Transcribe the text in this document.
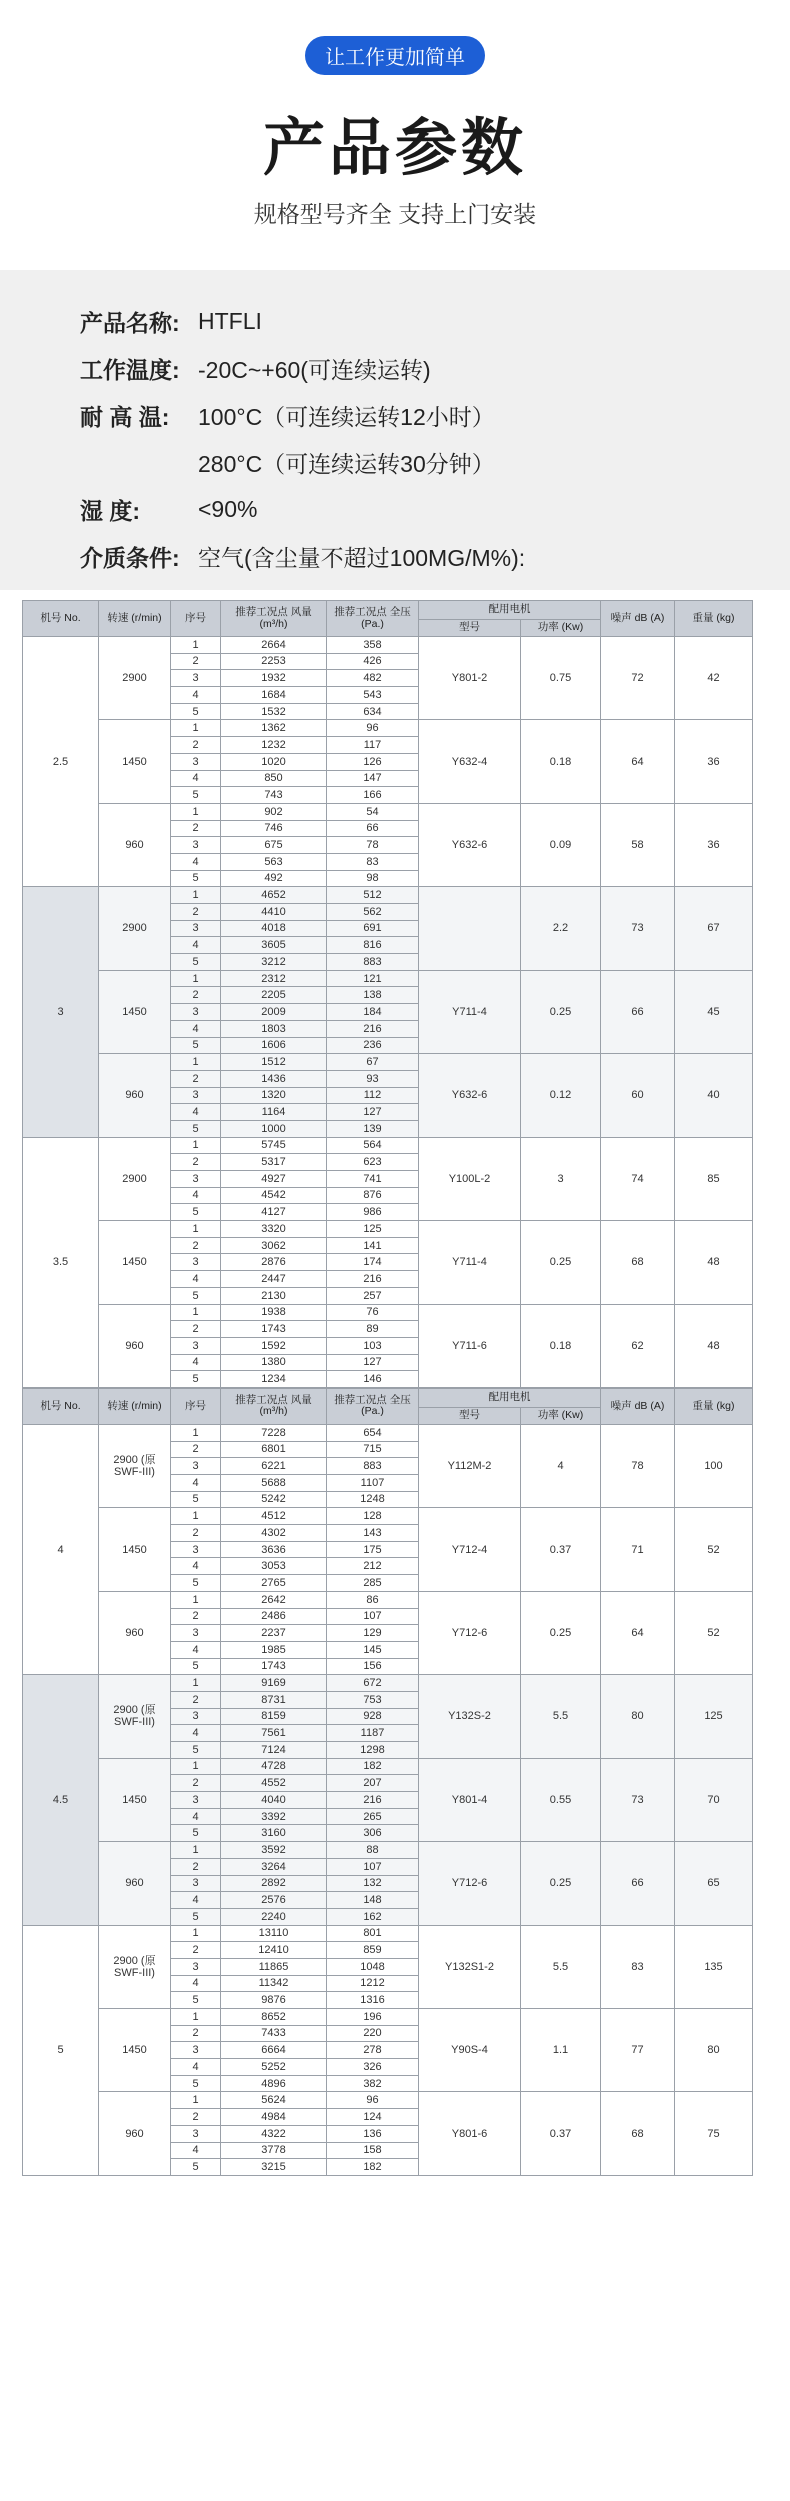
让工作更加简单
产品参数
规格型号齐全 支持上门安装
产品名称: HTFLI
工作温度: -20C~+60(可连续运转)
耐 高 温:	100°C（可连续运转12小时）
280°C（可连续运转30分钟）
湿 度:	<90%
介质条件: 空气(含尘量不超过100MG/M%):
机号 No.	转速 (r/min)	序号	推荐工况点 风量 (m³/h)	推荐工况点 全压 (Pa.)	配用电机		噪声 dB (A)	重量 (kg)
					型号	功率 (Kw)		
2.5	2900	1	2664	358	Y801-2	0.75	72	42
		2	2253	426				
		3	1932	482				
		4	1684	543				
		5	1532	634				
	1450	1	1362	96	Y632-4	0.18	64	36
		2	1232	117				
		3	1020	126				
		4	850	147				
		5	743	166				
	960	1	902	54	Y632-6	0.09	58	36
		2	746	66				
		3	675	78				
		4	563	83				
		5	492	98				
3	2900	1	4652	512		2.2	73	67
		2	4410	562				
		3	4018	691				
		4	3605	816				
		5	3212	883				
	1450	1	2312	121	Y711-4	0.25	66	45
		2	2205	138				
		3	2009	184				
		4	1803	216				
		5	1606	236				
	960	1	1512	67	Y632-6	0.12	60	40
		2	1436	93				
		3	1320	112				
		4	1164	127				
		5	1000	139				
3.5	2900	1	5745	564	Y100L-2	3	74	85
		2	5317	623				
		3	4927	741				
		4	4542	876				
		5	4127	986				
	1450	1	3320	125	Y711-4	0.25	68	48
		2	3062	141				
		3	2876	174				
		4	2447	216				
		5	2130	257				
	960	1	1938	76	Y711-6	0.18	62	48
		2	1743	89				
		3	1592	103				
		4	1380	127				
		5	1234	146				
机号 No.	转速 (r/min)	序号	推荐工况点 风量 (m³/h)	推荐工况点 全压 (Pa.)	配用电机		噪声 dB (A)	重量 (kg)
					型号	功率 (Kw)		
4	2900 (原 SWF-III)	1	7228	654	Y112M-2	4	78	100
		2	6801	715				
		3	6221	883				
		4	5688	1107				
		5	5242	1248				
	1450	1	4512	128	Y712-4	0.37	71	52
		2	4302	143				
		3	3636	175				
		4	3053	212				
		5	2765	285				
	960	1	2642	86	Y712-6	0.25	64	52
		2	2486	107				
		3	2237	129				
		4	1985	145				
		5	1743	156				
4.5	2900 (原 SWF-III)	1	9169	672	Y132S-2	5.5	80	125
		2	8731	753				
		3	8159	928				
		4	7561	1187				
		5	7124	1298				
	1450	1	4728	182	Y801-4	0.55	73	70
		2	4552	207				
		3	4040	216				
		4	3392	265				
		5	3160	306				
	960	1	3592	88	Y712-6	0.25	66	65
		2	3264	107				
		3	2892	132				
		4	2576	148				
		5	2240	162				
5	2900 (原 SWF-III)	1	13110	801	Y132S1-2	5.5	83	135
		2	12410	859				
		3	11865	1048				
		4	11342	1212				
		5	9876	1316				
	1450	1	8652	196	Y90S-4	1.1	77	80
		2	7433	220				
		3	6664	278				
		4	5252	326				
		5	4896	382				
	960	1	5624	96	Y801-6	0.37	68	75
		2	4984	124				
		3	4322	136				
		4	3778	158				
		5	3215	182				
